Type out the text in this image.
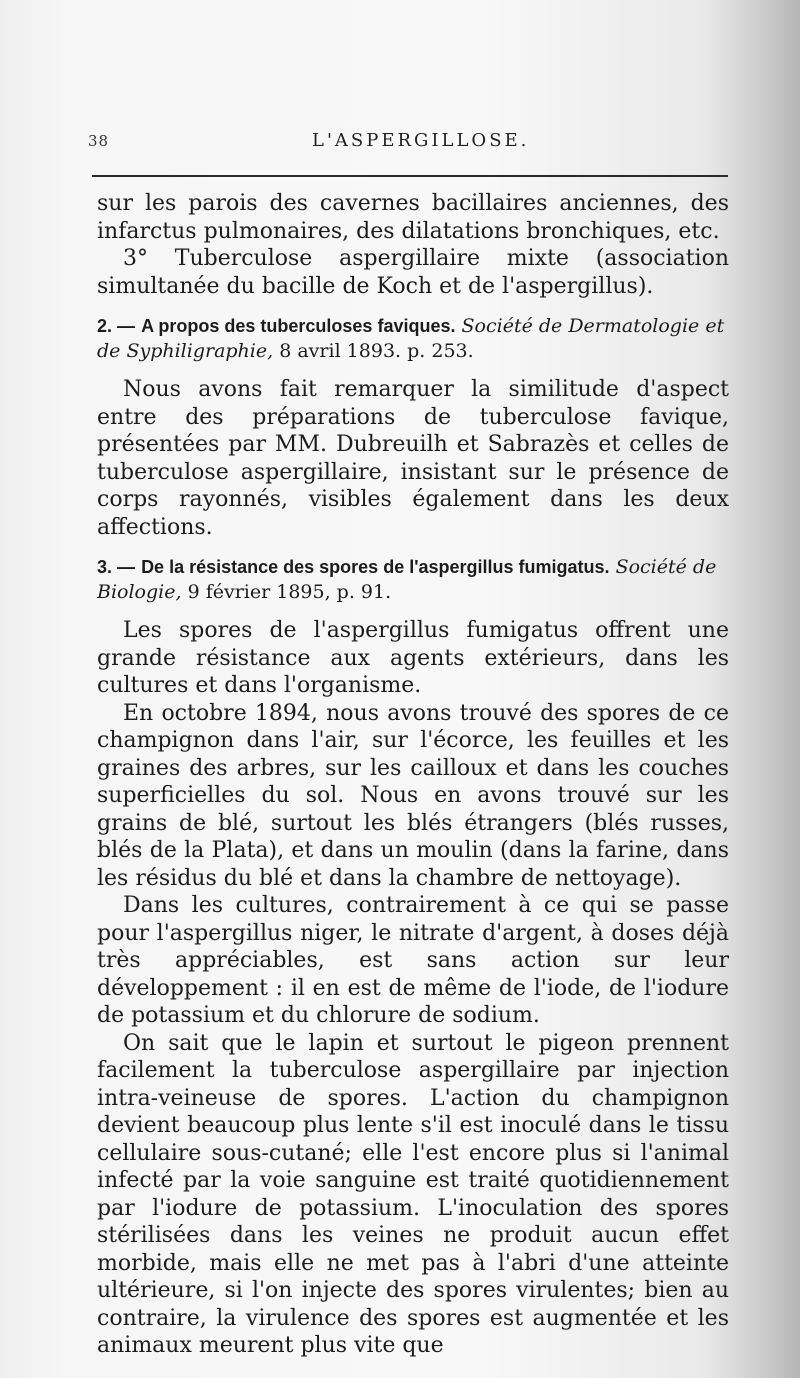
38	L'ASPERGILLOSE.

sur les parois des cavernes bacillaires anciennes, des infarctus pulmonaires, des dilatations bronchiques, etc.

3° Tuberculose aspergillaire mixte (association simultanée du bacille de Koch et de l'aspergillus).

2. — A propos des tuberculoses faviques. Société de Dermatologie et de Syphiligraphie, 8 avril 1893. p. 253.

Nous avons fait remarquer la similitude d'aspect entre des préparations de tuberculose favique, présentées par MM. Dubreuilh et Sabrazès et celles de tuberculose aspergillaire, insistant sur le présence de corps rayonnés, visibles également dans les deux affections.

3. — De la résistance des spores de l'aspergillus fumigatus. Société de Biologie, 9 février 1895, p. 91.

Les spores de l'aspergillus fumigatus offrent une grande résistance aux agents extérieurs, dans les cultures et dans l'organisme.

En octobre 1894, nous avons trouvé des spores de ce champignon dans l'air, sur l'écorce, les feuilles et les graines des arbres, sur les cailloux et dans les couches superficielles du sol. Nous en avons trouvé sur les grains de blé, surtout les blés étrangers (blés russes, blés de la Plata), et dans un moulin (dans la farine, dans les résidus du blé et dans la chambre de nettoyage).

Dans les cultures, contrairement à ce qui se passe pour l'aspergillus niger, le nitrate d'argent, à doses déjà très appréciables, est sans action sur leur développement : il en est de même de l'iode, de l'iodure de potassium et du chlorure de sodium.

On sait que le lapin et surtout le pigeon prennent facilement la tuberculose aspergillaire par injection intra-veineuse de spores. L'action du champignon devient beaucoup plus lente s'il est inoculé dans le tissu cellulaire sous-cutané; elle l'est encore plus si l'animal infecté par la voie sanguine est traité quotidiennement par l'iodure de potassium. L'inoculation des spores stérilisées dans les veines ne produit aucun effet morbide, mais elle ne met pas à l'abri d'une atteinte ultérieure, si l'on injecte des spores virulentes; bien au contraire, la virulence des spores est augmentée et les animaux meurent plus vite que
